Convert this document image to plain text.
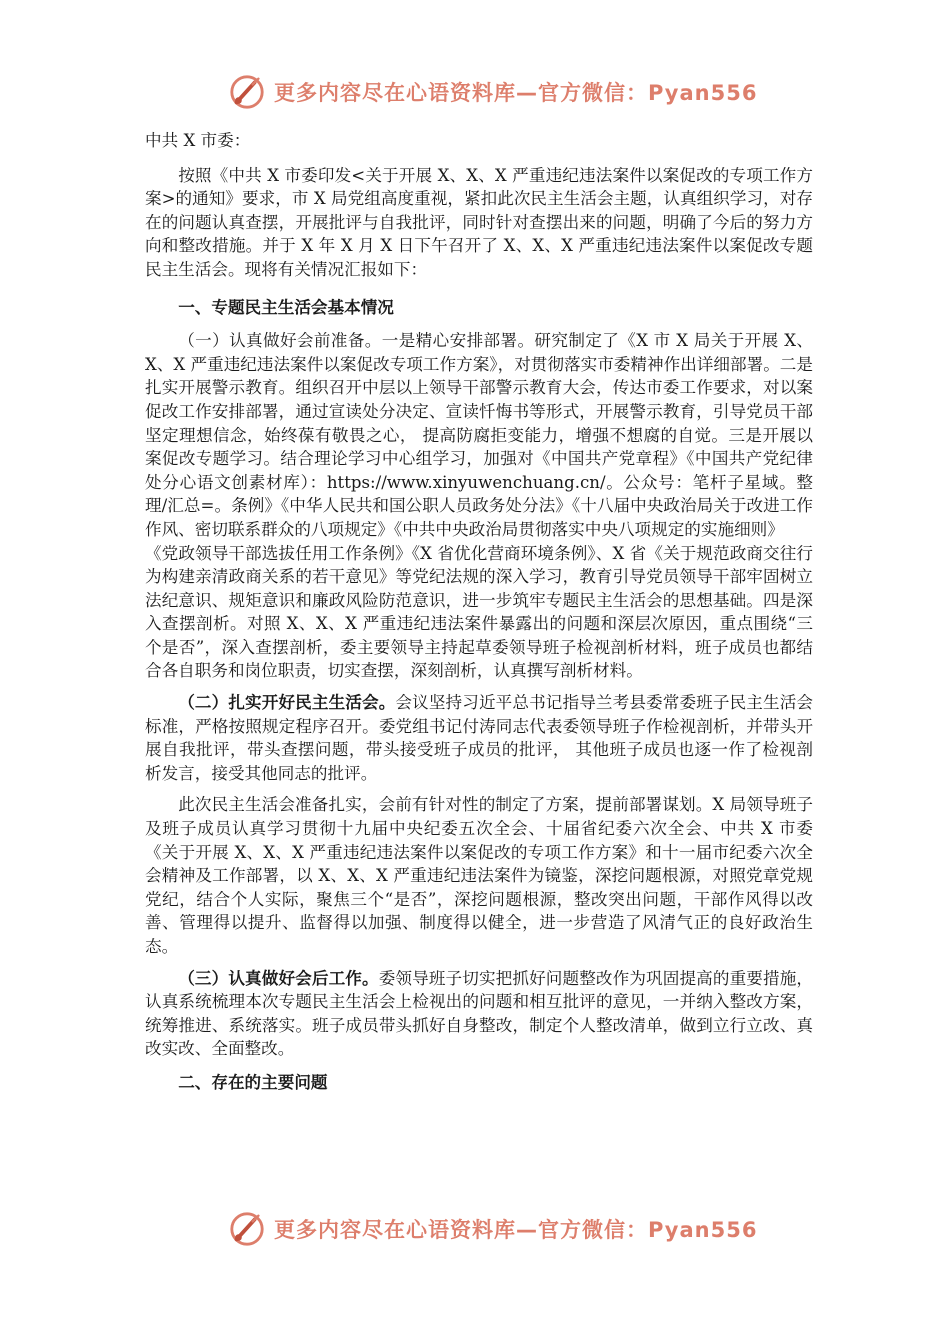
更多内容尽在心语资料库—官方微信：Pyan556

中共 X 市委：

按照《中共 X 市委印发<关于开展 X、X、X 严重违纪违法案件以案促改的专项工作方案>的通知》要求，市 X 局党组高度重视，紧扣此次民主生活会主题，认真组织学习，对存在的问题认真查摆，开展批评与自我批评，同时针对查摆出来的问题，明确了今后的努力方向和整改措施。并于 X 年 X 月 X 日下午召开了 X、X、X 严重违纪违法案件以案促改专题民主生活会。现将有关情况汇报如下：

一、专题民主生活会基本情况

（一）认真做好会前准备。一是精心安排部署。研究制定了《X 市 X 局关于开展 X、X、X 严重违纪违法案件以案促改专项工作方案》，对贯彻落实市委精神作出详细部署。二是扎实开展警示教育。组织召开中层以上领导干部警示教育大会，传达市委工作要求，对以案促改工作安排部署，通过宣读处分决定、宣读忏悔书等形式，开展警示教育，引导党员干部坚定理想信念，始终葆有敬畏之心， 提高防腐拒变能力，增强不想腐的自觉。三是开展以案促改专题学习。结合理论学习中心组学习，加强对《中国共产党章程》《中国共产党纪律处分心语文创素材库）：https://www.xinyuwenchuang.cn/。公众号：笔杆子星域。整理/汇总=。条例》《中华人民共和国公职人员政务处分法》《十八届中央政治局关于改进工作作风、密切联系群众的八项规定》《中共中央政治局贯彻落实中央八项规定的实施细则》

《党政领导干部选拔任用工作条例》《X 省优化营商环境条例》、X 省《关于规范政商交往行为构建亲清政商关系的若干意见》等党纪法规的深入学习，教育引导党员领导干部牢固树立法纪意识、规矩意识和廉政风险防范意识，进一步筑牢专题民主生活会的思想基础。四是深入查摆剖析。对照 X、X、X 严重违纪违法案件暴露出的问题和深层次原因，重点围绕“三个是否”，深入查摆剖析，委主要领导主持起草委领导班子检视剖析材料，班子成员也都结合各自职务和岗位职责，切实查摆，深刻剖析，认真撰写剖析材料。

（二）扎实开好民主生活会。会议坚持习近平总书记指导兰考县委常委班子民主生活会标准，严格按照规定程序召开。委党组书记付涛同志代表委领导班子作检视剖析，并带头开展自我批评，带头查摆问题，带头接受班子成员的批评， 其他班子成员也逐一作了检视剖析发言，接受其他同志的批评。

此次民主生活会准备扎实，会前有针对性的制定了方案，提前部署谋划。X 局领导班子及班子成员认真学习贯彻十九届中央纪委五次全会、十届省纪委六次全会、中共 X 市委《关于开展 X、X、X 严重违纪违法案件以案促改的专项工作方案》和十一届市纪委六次全会精神及工作部署，以 X、X、X 严重违纪违法案件为镜鉴，深挖问题根源，对照党章党规党纪，结合个人实际，聚焦三个“是否”，深挖问题根源，整改突出问题，干部作风得以改善、管理得以提升、监督得以加强、制度得以健全，进一步营造了风清气正的良好政治生态。

（三）认真做好会后工作。委领导班子切实把抓好问题整改作为巩固提高的重要措施，认真系统梳理本次专题民主生活会上检视出的问题和相互批评的意见，一并纳入整改方案，统筹推进、系统落实。班子成员带头抓好自身整改，制定个人整改清单，做到立行立改、真改实改、全面整改。

二、存在的主要问题

更多内容尽在心语资料库—官方微信：Pyan556
